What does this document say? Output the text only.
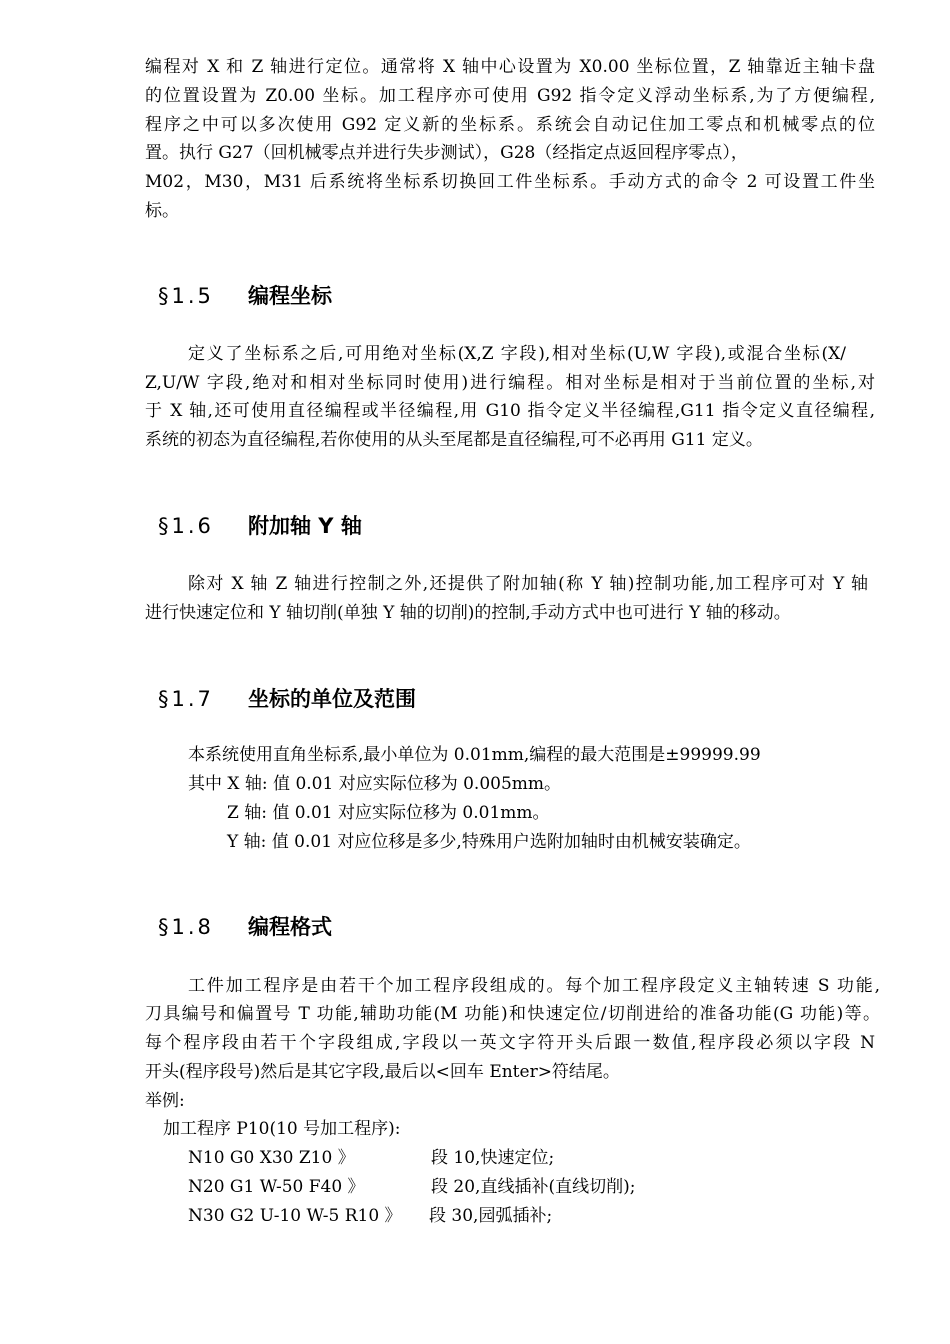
编程对 X 和 Z 轴进行定位。通常将 X 轴中心设置为 X0.00 坐标位置，Z 轴靠近主轴卡盘
的位置设置为 Z0.00 坐标。加工程序亦可使用 G92 指令定义浮动坐标系,为了方便编程,
程序之中可以多次使用 G92 定义新的坐标系。系统会自动记住加工零点和机械零点的位
置。执行 G27（回机械零点并进行失步测试），G28（经指定点返回程序零点），
M02，M30，M31 后系统将坐标系切换回工件坐标系。手动方式的命令 2 可设置工件坐
标。
§1.5 编程坐标
定义了坐标系之后,可用绝对坐标(X,Z 字段),相对坐标(U,W 字段),或混合坐标(X/
Z,U/W 字段,绝对和相对坐标同时使用)进行编程。相对坐标是相对于当前位置的坐标,对
于 X 轴,还可使用直径编程或半径编程,用 G10 指令定义半径编程,G11 指令定义直径编程,
系统的初态为直径编程,若你使用的从头至尾都是直径编程,可不必再用 G11 定义。
§1.6 附加轴 Y 轴
除对 X 轴 Z 轴进行控制之外,还提供了附加轴(称 Y 轴)控制功能,加工程序可对 Y 轴
进行快速定位和 Y 轴切削(单独 Y 轴的切削)的控制,手动方式中也可进行 Y 轴的移动。
§1.7 坐标的单位及范围
本系统使用直角坐标系,最小单位为 0.01mm,编程的最大范围是±99999.99
其中 X 轴: 值 0.01 对应实际位移为 0.005mm。
Z 轴: 值 0.01 对应实际位移为 0.01mm。
Y 轴: 值 0.01 对应位移是多少,特殊用户选附加轴时由机械安装确定。
§1.8 编程格式
工件加工程序是由若干个加工程序段组成的。每个加工程序段定义主轴转速 S 功能,
刀具编号和偏置号 T 功能,辅助功能(M 功能)和快速定位/切削进给的准备功能(G 功能)等。
每个程序段由若干个字段组成,字段以一英文字符开头后跟一数值,程序段必须以字段 N
开头(程序段号)然后是其它字段,最后以<回车 Enter>符结尾。
举例:
加工程序 P10(10 号加工程序):
N10 G0 X30 Z10 》	段 10,快速定位;
N20 G1 W-50 F40 》	段 20,直线插补(直线切削);
N30 G2 U-10 W-5 R10 》 段 30,园弧插补;
